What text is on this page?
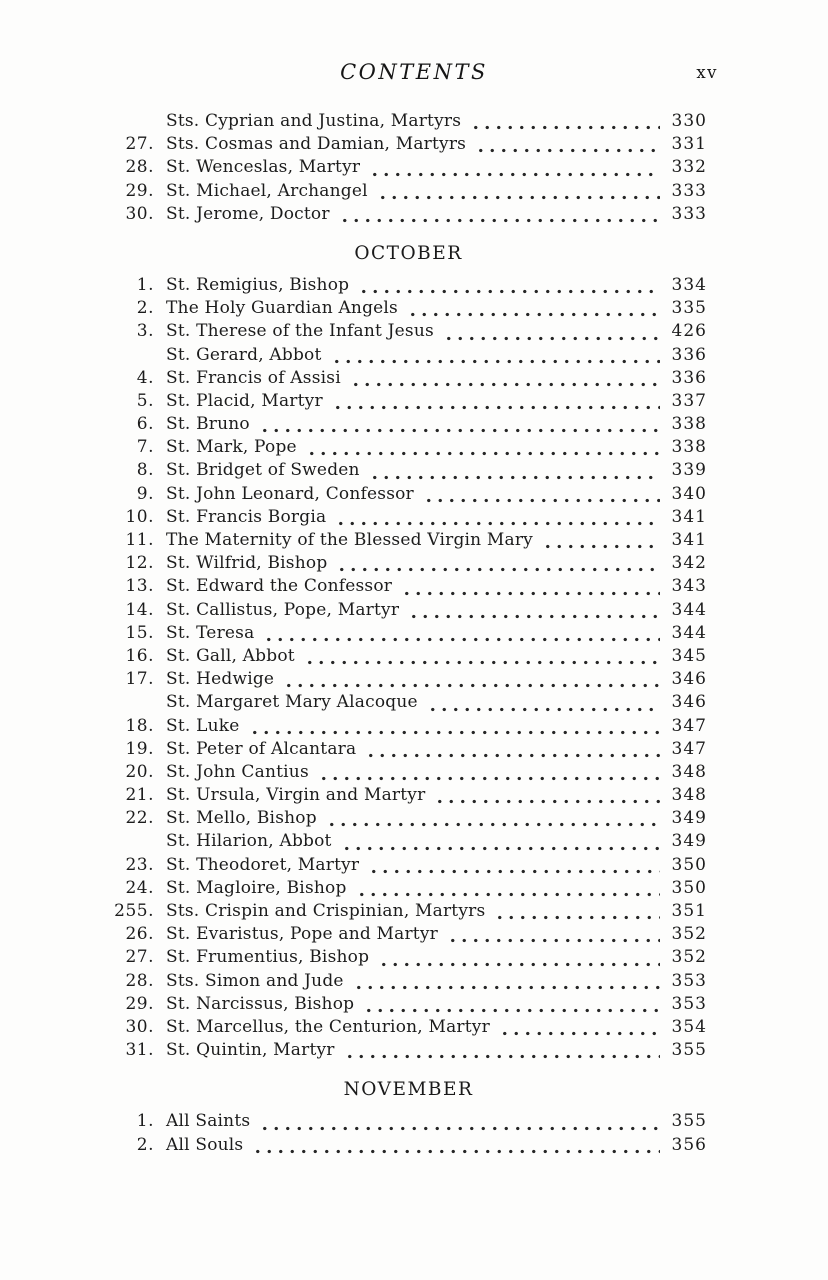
CONTENTS	xv
Sts. Cyprian and Justina, Martyrs	330
27. Sts. Cosmas and Damian, Martyrs	331
28. St. Wenceslas, Martyr	332
29. St. Michael, Archangel	333
30. St. Jerome, Doctor	333
OCTOBER
1. St. Remigius, Bishop	334
2. The Holy Guardian Angels	335
3. St. Therese of the Infant Jesus	426
St. Gerard, Abbot	336
4. St. Francis of Assisi	336
5. St. Placid, Martyr	337
6. St. Bruno	338
7. St. Mark, Pope	338
8. St. Bridget of Sweden	339
9. St. John Leonard, Confessor	340
10. St. Francis Borgia	341
11. The Maternity of the Blessed Virgin Mary	341
12. St. Wilfrid, Bishop	342
13. St. Edward the Confessor	343
14. St. Callistus, Pope, Martyr	344
15. St. Teresa	344
16. St. Gall, Abbot	345
17. St. Hedwige	346
St. Margaret Mary Alacoque	346
18. St. Luke	347
19. St. Peter of Alcantara	347
20. St. John Cantius	348
21. St. Ursula, Virgin and Martyr	348
22. St. Mello, Bishop	349
St. Hilarion, Abbot	349
23. St. Theodoret, Martyr	350
24. St. Magloire, Bishop	350
255. Sts. Crispin and Crispinian, Martyrs	351
26. St. Evaristus, Pope and Martyr	352
27. St. Frumentius, Bishop	352
28. Sts. Simon and Jude	353
29. St. Narcissus, Bishop	353
30. St. Marcellus, the Centurion, Martyr	354
31. St. Quintin, Martyr	355
NOVEMBER
1. All Saints	355
2. All Souls	356
